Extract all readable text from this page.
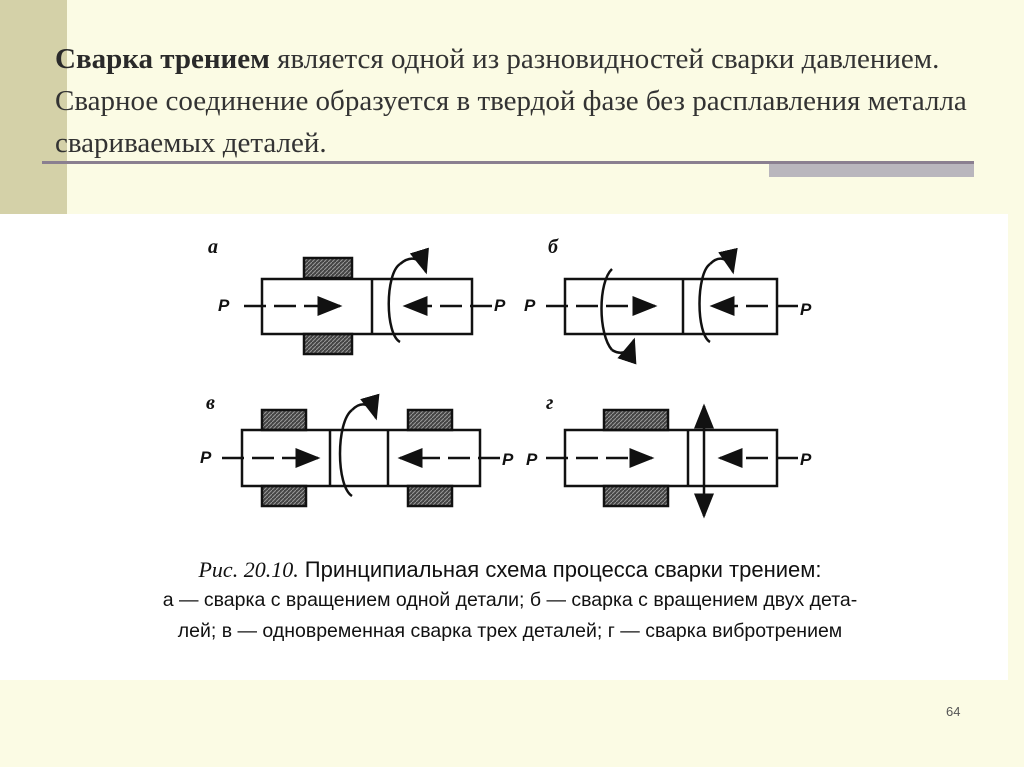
Сварка трением является одной из разновидностей сварки давлением. Сварное соединение образуется в твердой фазе без расплавления металла свариваемых деталей.
а	б
в	г
P	P P	P
P	P P	P
Рис. 20.10. Принципиальная схема процесса сварки трением:
а — сварка с вращением одной детали; б — сварка с вращением двух дета-
лей; в — одновременная сварка трех деталей; г — сварка вибротрением
64
